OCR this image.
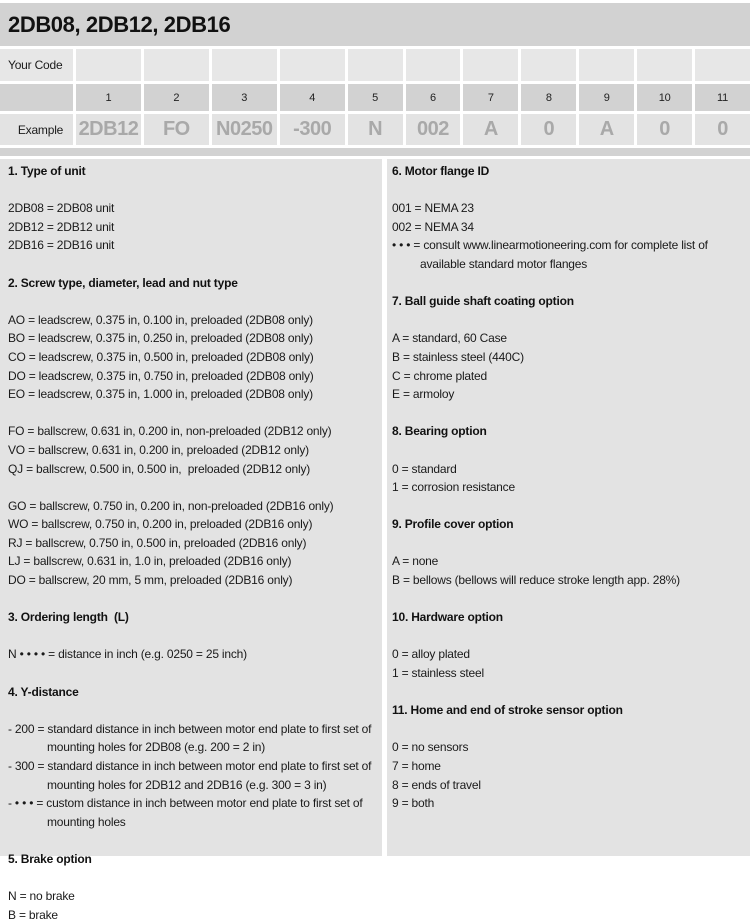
2DB08, 2DB12, 2DB16
Your Code
1	2	3	4	5	6	7	8	9	10	11
Example 2DB12 FO N0250 -300 N 002 A 0 A 0 0
1. Type of unit
2DB08 = 2DB08 unit
2DB12 = 2DB12 unit
2DB16 = 2DB16 unit
2. Screw type, diameter, lead and nut type
AO = leadscrew, 0.375 in, 0.100 in, preloaded (2DB08 only)
BO = leadscrew, 0.375 in, 0.250 in, preloaded (2DB08 only)
CO = leadscrew, 0.375 in, 0.500 in, preloaded (2DB08 only)
DO = leadscrew, 0.375 in, 0.750 in, preloaded (2DB08 only)
EO = leadscrew, 0.375 in, 1.000 in, preloaded (2DB08 only)
FO = ballscrew, 0.631 in, 0.200 in, non-preloaded (2DB12 only)
VO = ballscrew, 0.631 in, 0.200 in, preloaded (2DB12 only)
QJ = ballscrew, 0.500 in, 0.500 in,  preloaded (2DB12 only)
GO = ballscrew, 0.750 in, 0.200 in, non-preloaded (2DB16 only)
WO = ballscrew, 0.750 in, 0.200 in, preloaded (2DB16 only)
RJ = ballscrew, 0.750 in, 0.500 in, preloaded (2DB16 only)
LJ = ballscrew, 0.631 in, 1.0 in, preloaded (2DB16 only)
DO = ballscrew, 20 mm, 5 mm, preloaded (2DB16 only)
3. Ordering length  (L)
N • • • • = distance in inch (e.g. 0250 = 25 inch)
4. Y-distance
- 200 = standard distance in inch between motor end plate to first set of
mounting holes for 2DB08 (e.g. 200 = 2 in)
- 300 = standard distance in inch between motor end plate to first set of
mounting holes for 2DB12 and 2DB16 (e.g. 300 = 3 in)
- • • • = custom distance in inch between motor end plate to first set of
mounting holes
5. Brake option
N = no brake
B = brake
6. Motor flange ID
001 = NEMA 23
002 = NEMA 34
• • • = consult www.linearmotioneering.com for complete list of
available standard motor flanges
7. Ball guide shaft coating option
A = standard, 60 Case
B = stainless steel (440C)
C = chrome plated
E = armoloy
8. Bearing option
0 = standard
1 = corrosion resistance
9. Profile cover option
A = none
B = bellows (bellows will reduce stroke length app. 28%)
10. Hardware option
0 = alloy plated
1 = stainless steel
11. Home and end of stroke sensor option
0 = no sensors
7 = home
8 = ends of travel
9 = both
